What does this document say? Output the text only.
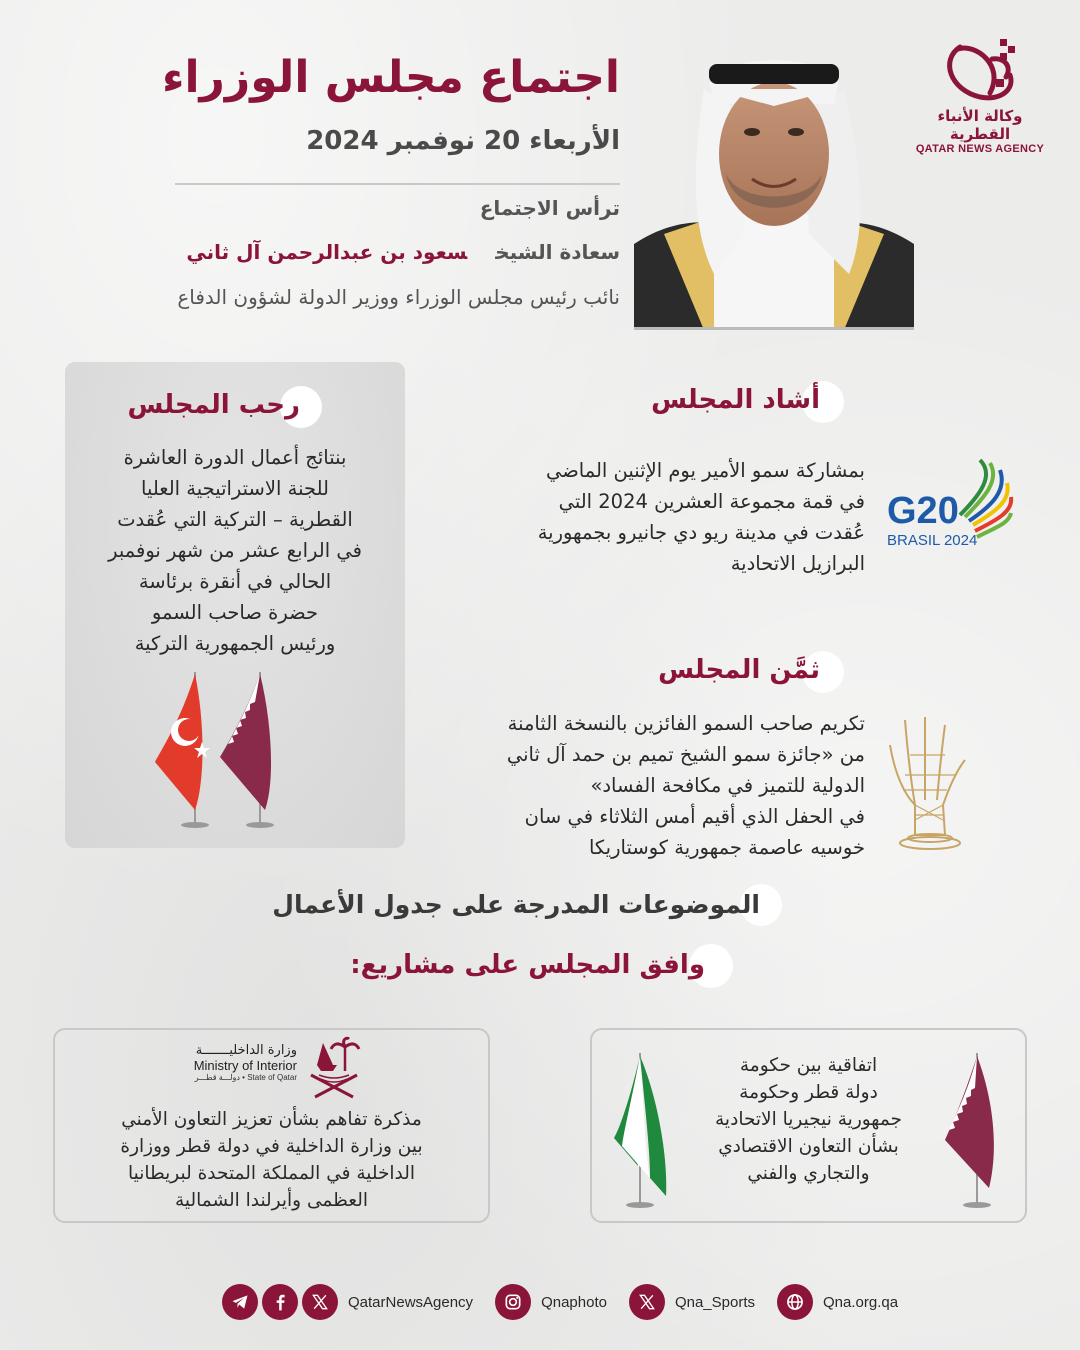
وكالة الأنباء القطرية
QATAR NEWS AGENCY
اجتماع مجلس الوزراء
الأربعاء 20 نوفمبر 2024
ترأس الاجتماع
سعادة الشيخسعود بن عبدالرحمن آل ثاني
نائب رئيس مجلس الوزراء ووزير الدولة لشؤون الدفاع
رحب المجلس
بنتائج أعمال الدورة العاشرة
للجنة الاستراتيجية العليا
القطرية – التركية التي عُقدت
في الرابع عشر من شهر نوفمبر
الحالي في أنقرة برئاسة
حضرة صاحب السمو
ورئيس الجمهورية التركية
أشاد المجلس
بمشاركة سمو الأمير يوم الإثنين الماضي
في قمة مجموعة العشرين 2024 التي
عُقدت في مدينة ريو دي جانيرو بجمهورية
البرازيل الاتحادية
G20
BRASIL 2024
ثمَّن المجلس
تكريم صاحب السمو الفائزين بالنسخة الثامنة
من «جائزة سمو الشيخ تميم بن حمد آل ثاني
الدولية للتميز في مكافحة الفساد»
في الحفل الذي أقيم أمس الثلاثاء في سان
خوسيه عاصمة جمهورية كوستاريكا
الموضوعات المدرجة على جدول الأعمال
وافق المجلس على مشاريع:
وزارة الداخليـــــــة
Ministry of Interior
State of Qatar • دولـــة قطـــر
مذكرة تفاهم بشأن تعزيز التعاون الأمني
بين وزارة الداخلية في دولة قطر ووزارة
الداخلية في المملكة المتحدة لبريطانيا
العظمى وأيرلندا الشمالية
اتفاقية بين حكومة
دولة قطر وحكومة
جمهورية نيجيريا الاتحادية
بشأن التعاون الاقتصادي
والتجاري والفني
QatarNewsAgency	Qnaphoto	Qna_Sports	Qna.org.qa
